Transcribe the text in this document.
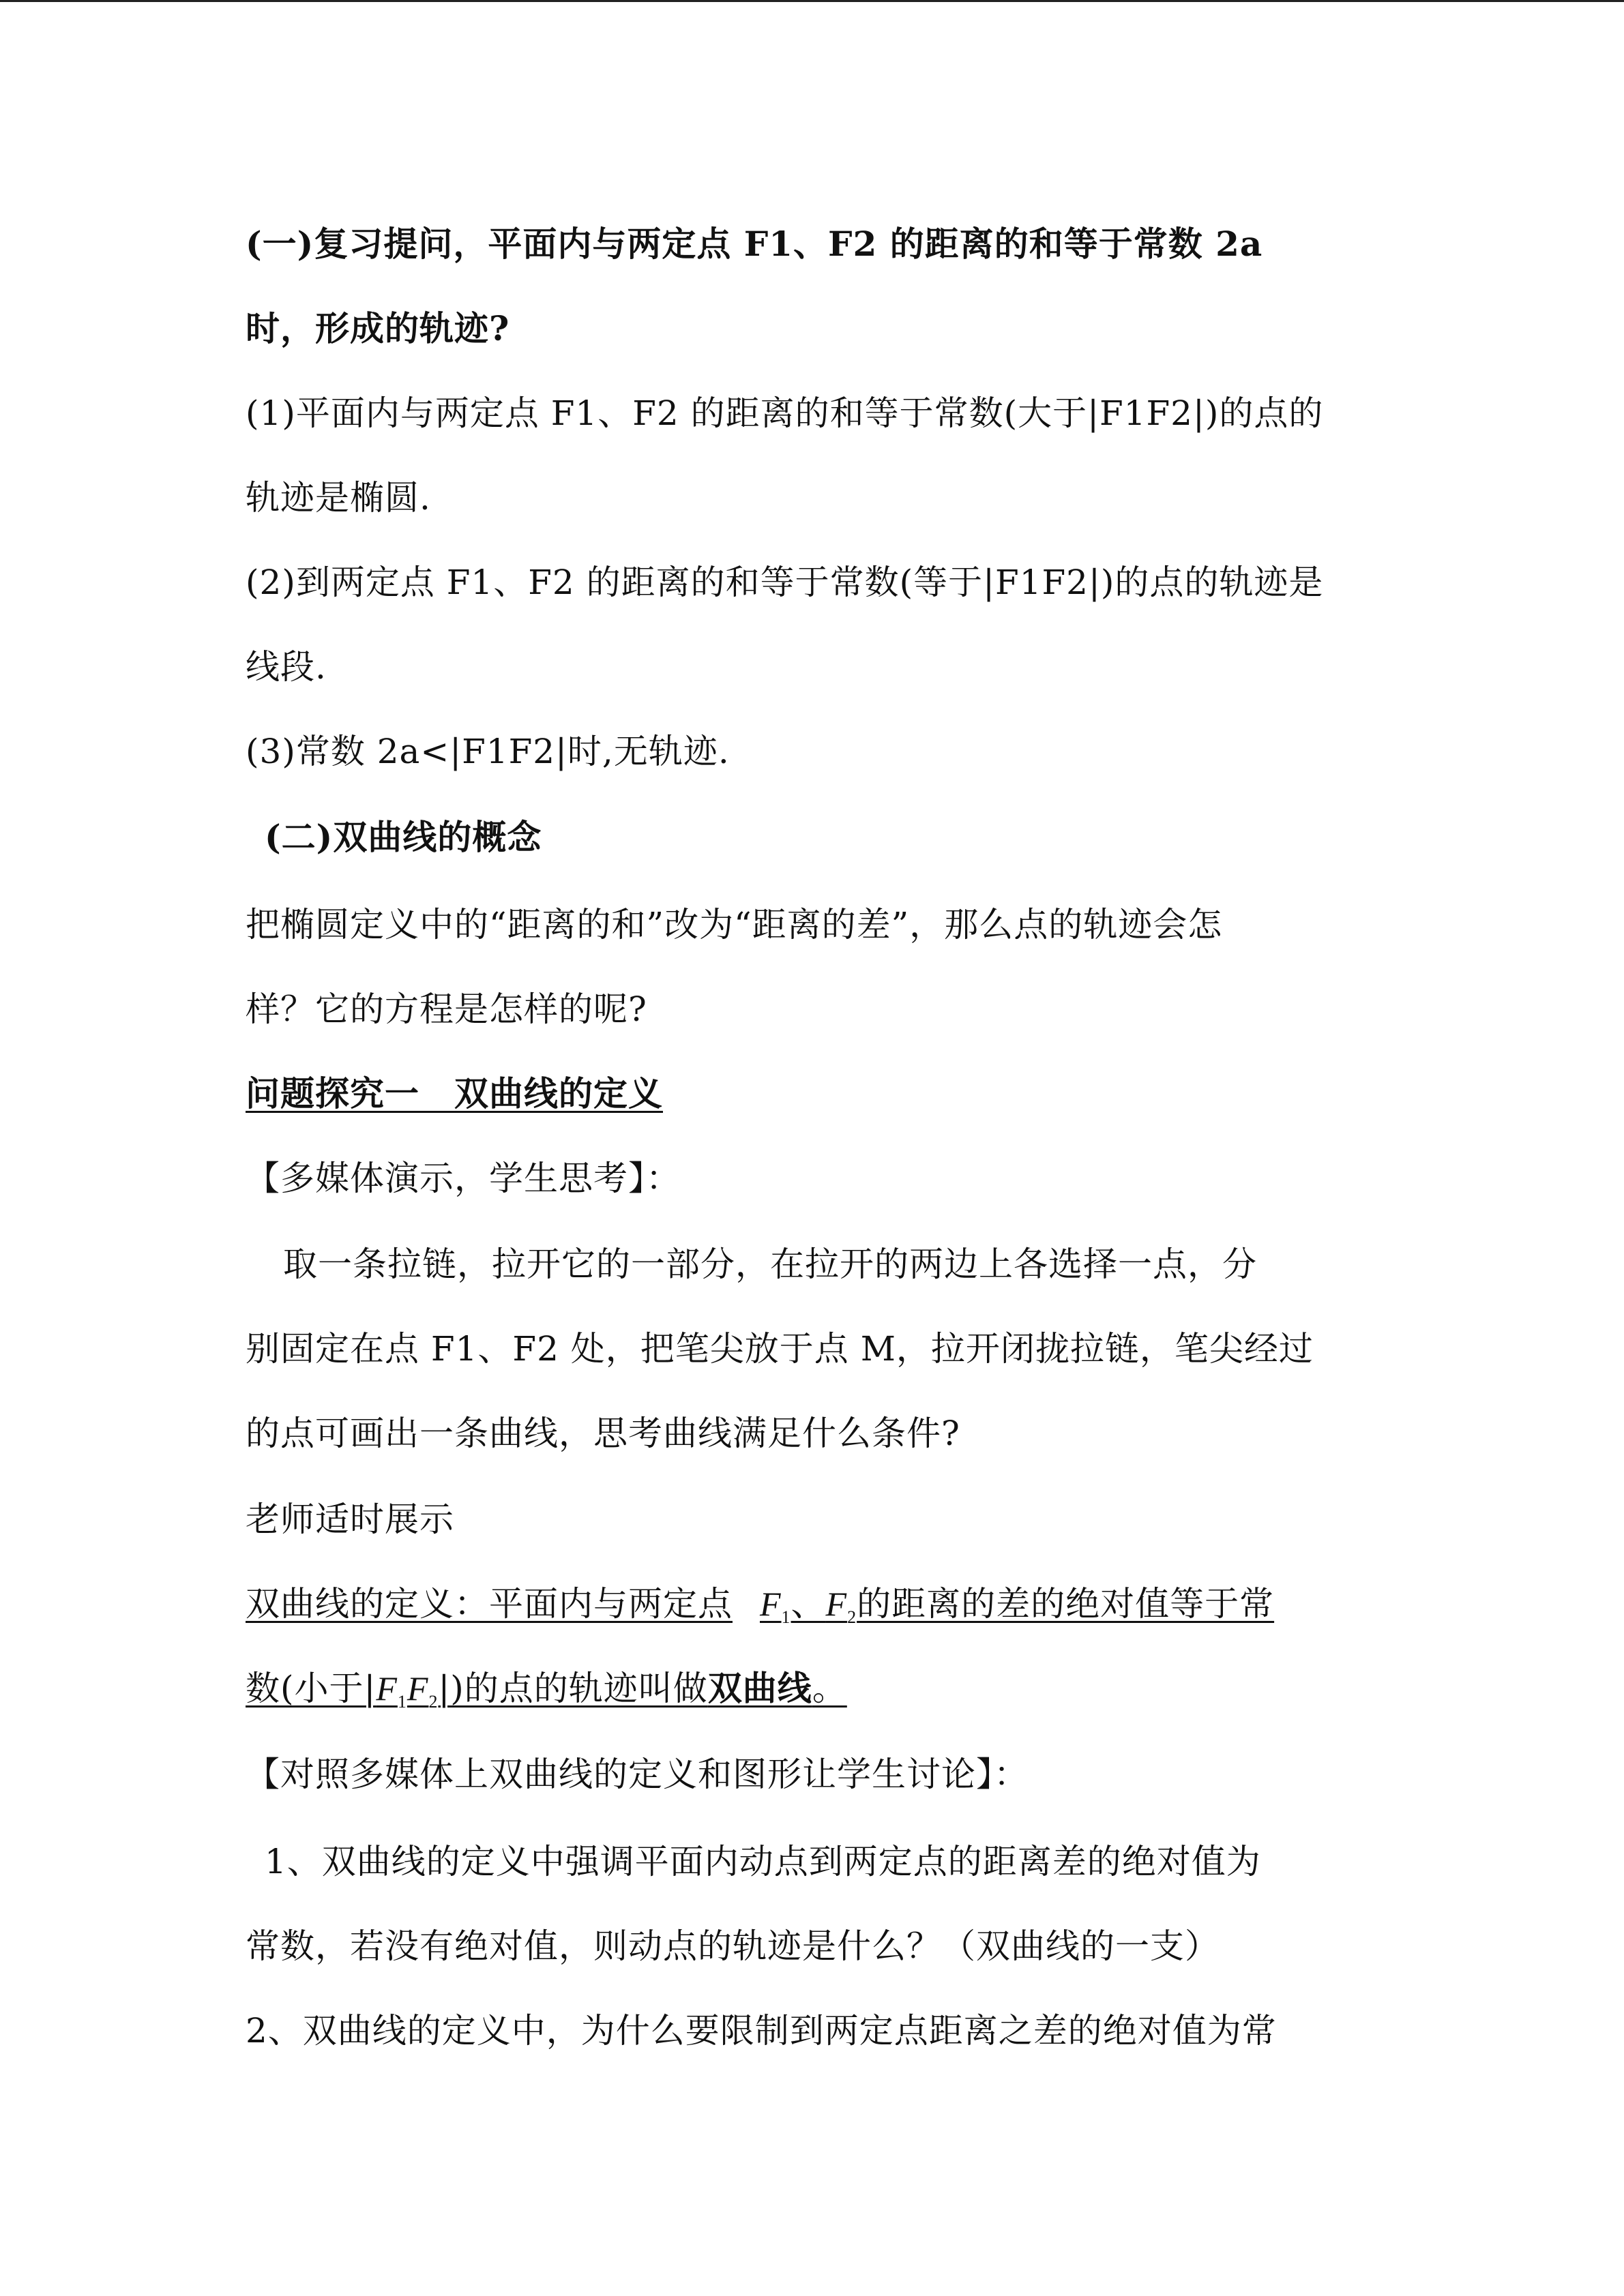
(一)复习提问，平面内与两定点 F1、F2 的距离的和等于常数 2a
时，形成的轨迹?
(1)平面内与两定点 F1、F2 的距离的和等于常数(大于|F1F2|)的点的
轨迹是椭圆.
(2)到两定点 F1、F2 的距离的和等于常数(等于|F1F2|)的点的轨迹是
线段.
(3)常数 2a<|F1F2|时,无轨迹.
(二)双曲线的概念
把椭圆定义中的“距离的和”改为“距离的差”，那么点的轨迹会怎
样？它的方程是怎样的呢?
问题探究一　双曲线的定义
【多媒体演示，学生思考】：
取一条拉链，拉开它的一部分，在拉开的两边上各选择一点，分
别固定在点 F1、F2 处，把笔尖放于点 M，拉开闭拢拉链，笔尖经过
的点可画出一条曲线，思考曲线满足什么条件?
老师适时展示
双曲线的定义：平面内与两定点 $F_1$、$F_2$的距离的差的绝对值等于常
数(小于$|F_1F_2|$)的点的轨迹叫做双曲线。
【对照多媒体上双曲线的定义和图形让学生讨论】：
1、双曲线的定义中强调平面内动点到两定点的距离差的绝对值为
常数，若没有绝对值，则动点的轨迹是什么？（双曲线的一支）
2、双曲线的定义中，为什么要限制到两定点距离之差的绝对值为常
